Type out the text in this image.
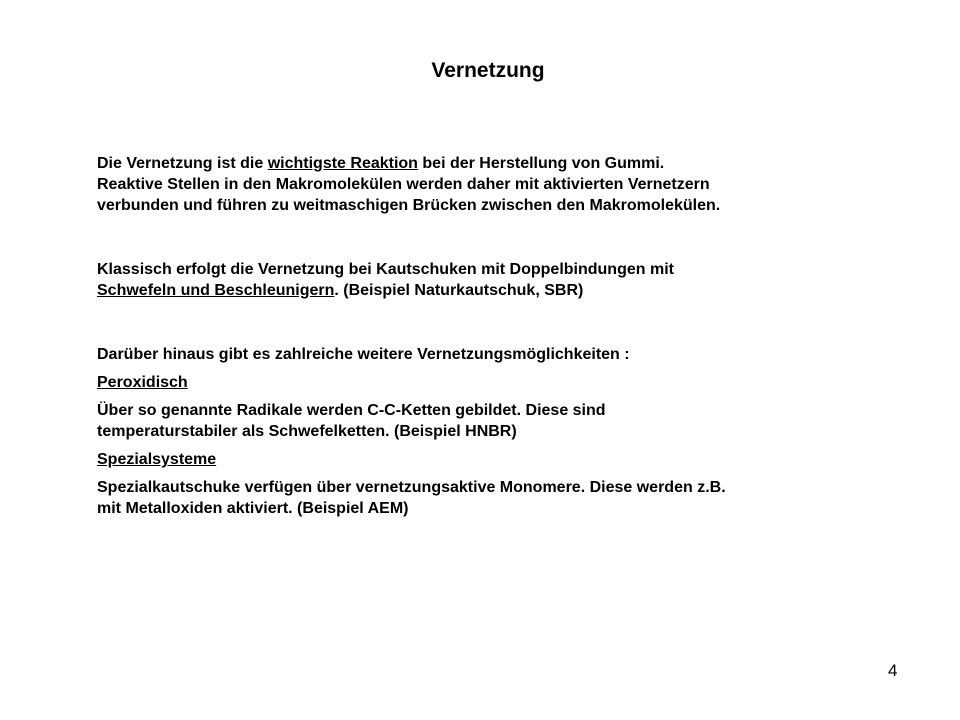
Vernetzung
Die Vernetzung ist die wichtigste Reaktion bei der Herstellung von Gummi.
Reaktive Stellen in den Makromolekülen werden daher mit aktivierten Vernetzern
verbunden und führen zu weitmaschigen Brücken zwischen den Makromolekülen.
Klassisch erfolgt die Vernetzung bei Kautschuken mit Doppelbindungen mit
Schwefeln und Beschleunigern. (Beispiel Naturkautschuk, SBR)
Darüber hinaus gibt es zahlreiche weitere Vernetzungsmöglichkeiten :
Peroxidisch
Über so genannte Radikale werden C-C-Ketten gebildet. Diese sind
temperaturstabiler als Schwefelketten. (Beispiel HNBR)
Spezialsysteme
Spezialkautschuke verfügen über vernetzungsaktive Monomere. Diese werden z.B.
mit Metalloxiden aktiviert. (Beispiel AEM)
4
